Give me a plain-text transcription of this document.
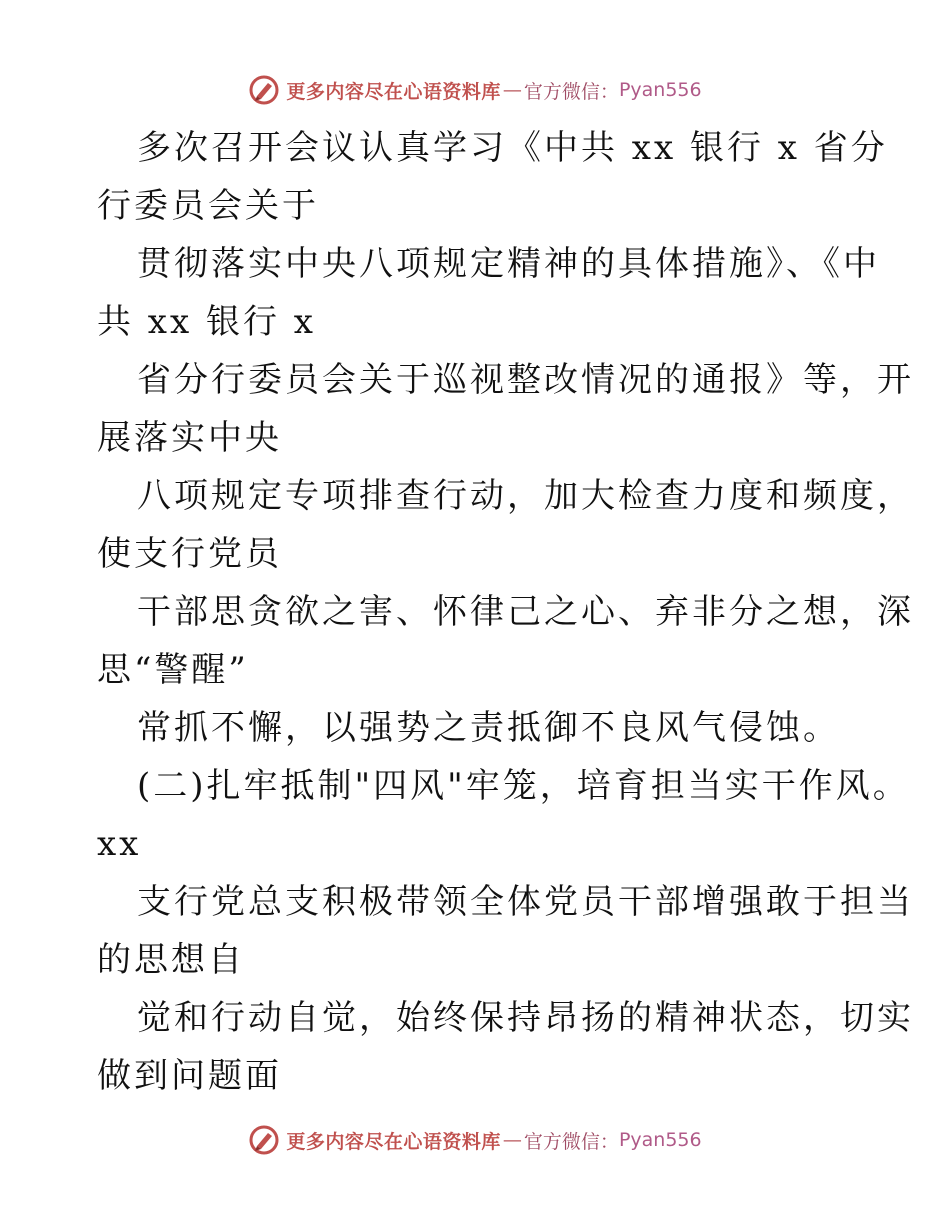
更多内容尽在心语资料库 — 官方微信： Pyan556
多次召开会议认真学习《中共 xx 银行 x 省分
行委员会关于
贯彻落实中央八项规定精神的具体措施》、《中
共 xx 银行 x
省分行委员会关于巡视整改情况的通报》等，开
展落实中央
八项规定专项排查行动，加大检查力度和频度，
使支行党员
干部思贪欲之害、怀律己之心、弃非分之想，深
思“警醒”
常抓不懈，以强势之责抵御不良风气侵蚀。
(二)扎牢抵制"四风"牢笼，培育担当实干作风。
xx
支行党总支积极带领全体党员干部增强敢于担当
的思想自
觉和行动自觉，始终保持昂扬的精神状态，切实
做到问题面
更多内容尽在心语资料库 — 官方微信： Pyan556
